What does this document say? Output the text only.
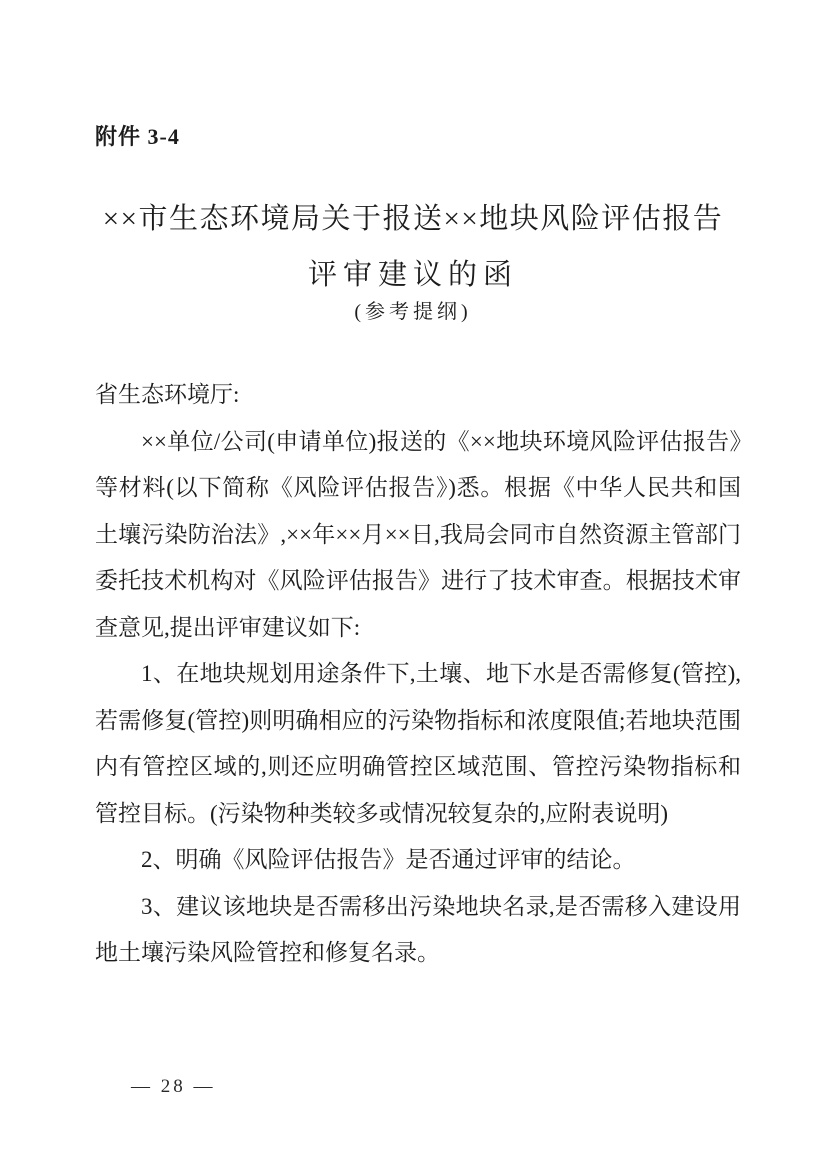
附件 3-4
××市生态环境局关于报送××地块风险评估报告
评审建议的函
(参考提纲)

省生态环境厅:

××单位/公司(申请单位)报送的《××地块环境风险评估报告》等材料(以下简称《风险评估报告》)悉。根据《中华人民共和国土壤污染防治法》,××年××月××日,我局会同市自然资源主管部门委托技术机构对《风险评估报告》进行了技术审查。根据技术审查意见,提出评审建议如下:

1、在地块规划用途条件下,土壤、地下水是否需修复(管控),若需修复(管控)则明确相应的污染物指标和浓度限值;若地块范围内有管控区域的,则还应明确管控区域范围、管控污染物指标和管控目标。(污染物种类较多或情况较复杂的,应附表说明)

2、明确《风险评估报告》是否通过评审的结论。

3、建议该地块是否需移出污染地块名录,是否需移入建设用地土壤污染风险管控和修复名录。

— 28 —
